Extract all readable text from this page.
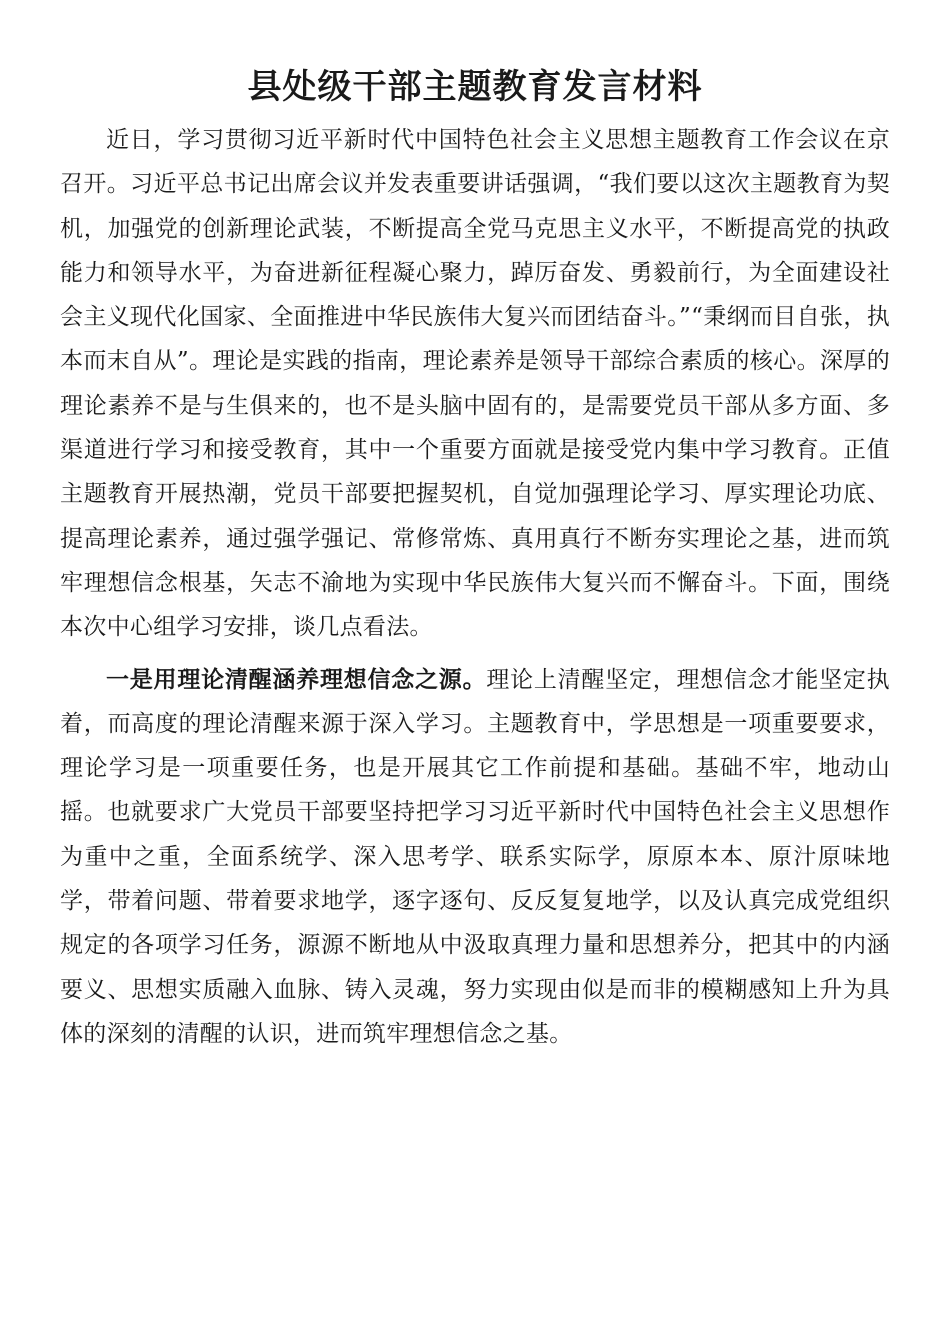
县处级干部主题教育发言材料

近日，学习贯彻习近平新时代中国特色社会主义思想主题教育工作会议在京召开。习近平总书记出席会议并发表重要讲话强调，“我们要以这次主题教育为契机，加强党的创新理论武装，不断提高全党马克思主义水平，不断提高党的执政能力和领导水平，为奋进新征程凝心聚力，踔厉奋发、勇毅前行，为全面建设社会主义现代化国家、全面推进中华民族伟大复兴而团结奋斗。”“秉纲而目自张，执本而末自从”。理论是实践的指南，理论素养是领导干部综合素质的核心。深厚的理论素养不是与生俱来的，也不是头脑中固有的，是需要党员干部从多方面、多渠道进行学习和接受教育，其中一个重要方面就是接受党内集中学习教育。正值主题教育开展热潮，党员干部要把握契机，自觉加强理论学习、厚实理论功底、提高理论素养，通过强学强记、常修常炼、真用真行不断夯实理论之基，进而筑牢理想信念根基，矢志不渝地为实现中华民族伟大复兴而不懈奋斗。下面，围绕本次中心组学习安排，谈几点看法。

一是用理论清醒涵养理想信念之源。理论上清醒坚定，理想信念才能坚定执着，而高度的理论清醒来源于深入学习。主题教育中，学思想是一项重要要求，理论学习是一项重要任务，也是开展其它工作前提和基础。基础不牢，地动山摇。也就要求广大党员干部要坚持把学习习近平新时代中国特色社会主义思想作为重中之重，全面系统学、深入思考学、联系实际学，原原本本、原汁原味地学，带着问题、带着要求地学，逐字逐句、反反复复地学，以及认真完成党组织规定的各项学习任务，源源不断地从中汲取真理力量和思想养分，把其中的内涵要义、思想实质融入血脉、铸入灵魂，努力实现由似是而非的模糊感知上升为具体的深刻的清醒的认识，进而筑牢理想信念之基。
